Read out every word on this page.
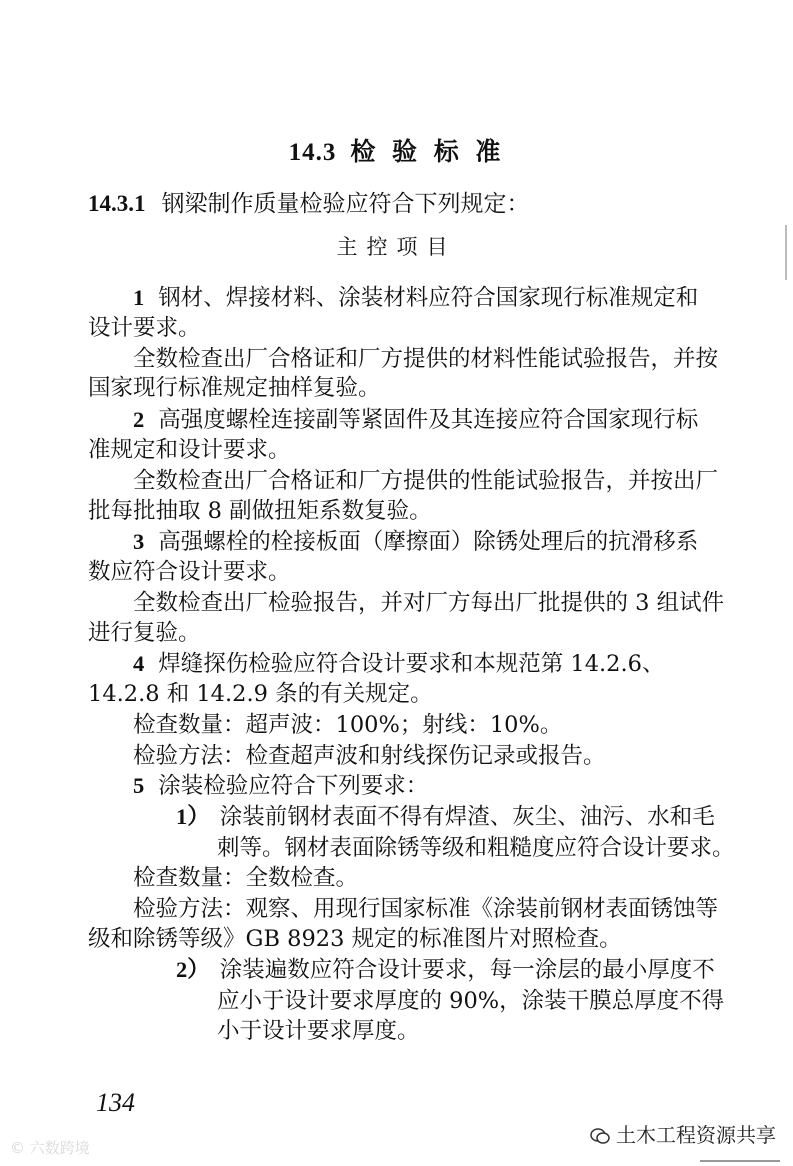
14.3 检 验 标 准
14.3.1 钢梁制作质量检验应符合下列规定：
主控项目
1 钢材、焊接材料、涂装材料应符合国家现行标准规定和
设计要求。
全数检查出厂合格证和厂方提供的材料性能试验报告，并按
国家现行标准规定抽样复验。
2 高强度螺栓连接副等紧固件及其连接应符合国家现行标
准规定和设计要求。
全数检查出厂合格证和厂方提供的性能试验报告，并按出厂
批每批抽取 8 副做扭矩系数复验。
3 高强螺栓的栓接板面（摩擦面）除锈处理后的抗滑移系
数应符合设计要求。
全数检查出厂检验报告，并对厂方每出厂批提供的 3 组试件
进行复验。
4 焊缝探伤检验应符合设计要求和本规范第 14.2.6、
14.2.8 和 14.2.9 条的有关规定。
检查数量：超声波：100%；射线：10%。
检验方法：检查超声波和射线探伤记录或报告。
5 涂装检验应符合下列要求：
1） 涂装前钢材表面不得有焊渣、灰尘、油污、水和毛
刺等。钢材表面除锈等级和粗糙度应符合设计要求。
检查数量：全数检查。
检验方法：观察、用现行国家标准《涂装前钢材表面锈蚀等
级和除锈等级》GB 8923 规定的标准图片对照检查。
2） 涂装遍数应符合设计要求，每一涂层的最小厚度不
应小于设计要求厚度的 90%，涂装干膜总厚度不得
小于设计要求厚度。
134
© 六数跨境
土木工程资源共享
